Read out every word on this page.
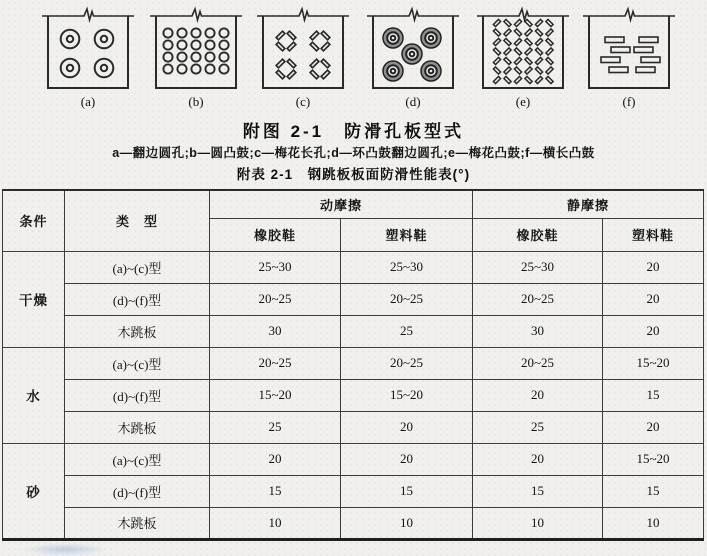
(a)	(b)	(c)	(d)	(e)	(f)
附图 2-1　防滑孔板型式
a—翻边圆孔;b—圆凸鼓;c—梅花长孔;d—环凸鼓翻边圆孔;e—梅花凸鼓;f—横长凸鼓
附表 2-1　钢跳板板面防滑性能表(°)
条件	类　型	动摩擦		静摩擦	
		橡胶鞋	塑料鞋	橡胶鞋	塑料鞋
干燥	(a)~(c)型	25~30	25~30	25~30	20
	(d)~(f)型	20~25	20~25	20~25	20
	木跳板	30	25	30	20
水	(a)~(c)型	20~25	20~25	20~25	15~20
	(d)~(f)型	15~20	15~20	20	15
	木跳板	25	20	25	20
砂	(a)~(c)型	20	20	20	15~20
	(d)~(f)型	15	15	15	15
	木跳板	10	10	10	10
